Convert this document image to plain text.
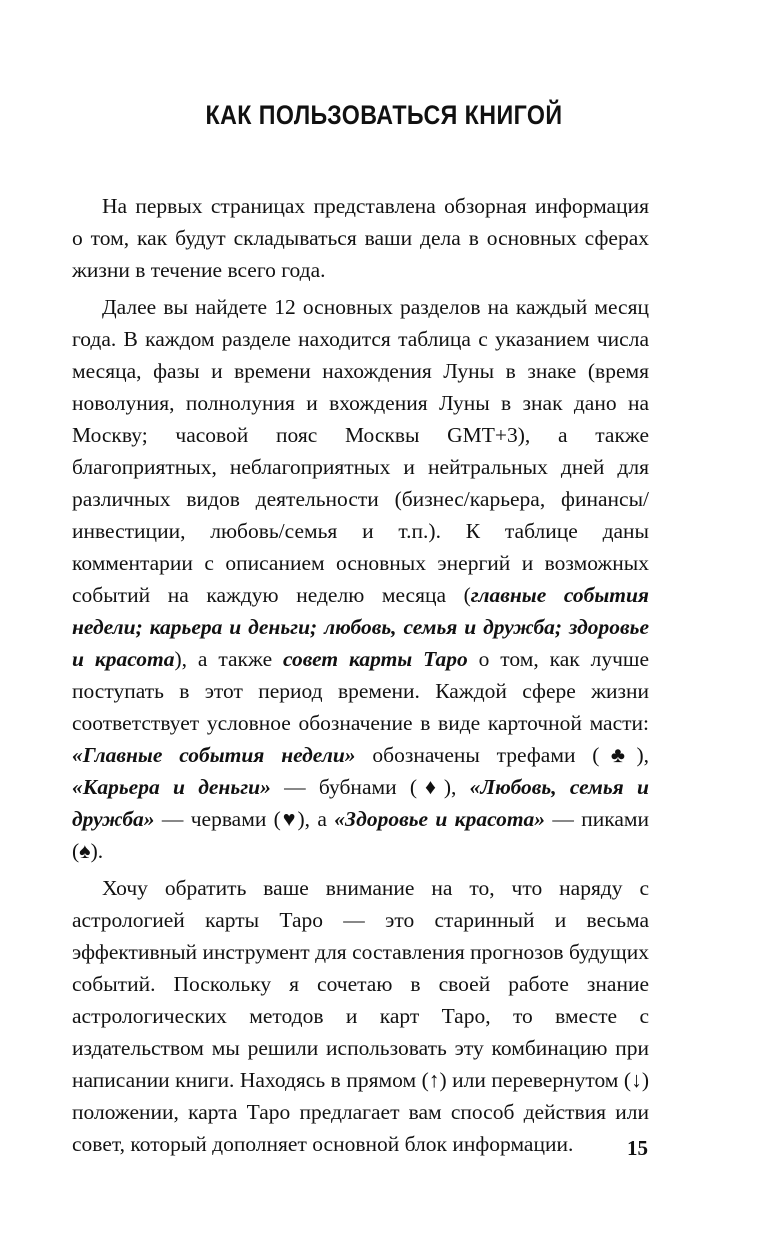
КАК ПОЛЬЗОВАТЬСЯ КНИГОЙ

На первых страницах представлена обзорная информация о том, как будут складываться ваши дела в основных сферах жизни в течение всего года.

Далее вы найдете 12 основных разделов на каждый месяц года. В каждом разделе находится таблица с указанием числа месяца, фазы и времени нахождения Луны в знаке (время новолуния, полнолуния и вхождения Луны в знак дано на Москву; часовой пояс Москвы GMT+3), а также благоприятных, неблагоприятных и нейтральных дней для различных видов деятельности (бизнес/карьера, финансы/инвестиции, любовь/семья и т.п.). К таблице даны комментарии с описанием основных энергий и возможных событий на каждую неделю месяца (главные события недели; карьера и деньги; любовь, семья и дружба; здоровье и красота), а также совет карты Таро о том, как лучше поступать в этот период времени. Каждой сфере жизни соответствует условное обозначение в виде карточной масти: «Главные события недели» обозначены трефами (♣), «Карьера и деньги» — бубнами (♦), «Любовь, семья и дружба» — червами (♥), а «Здоровье и красота» — пиками (♠).

Хочу обратить ваше внимание на то, что наряду с астрологией карты Таро — это старинный и весьма эффективный инструмент для составления прогнозов будущих событий. Поскольку я сочетаю в своей работе знание астрологических методов и карт Таро, то вместе с издательством мы решили использовать эту комбинацию при написании книги. Находясь в прямом (↑) или перевернутом (↓) положении, карта Таро предлагает вам способ действия или совет, который дополняет основной блок информации.	15
